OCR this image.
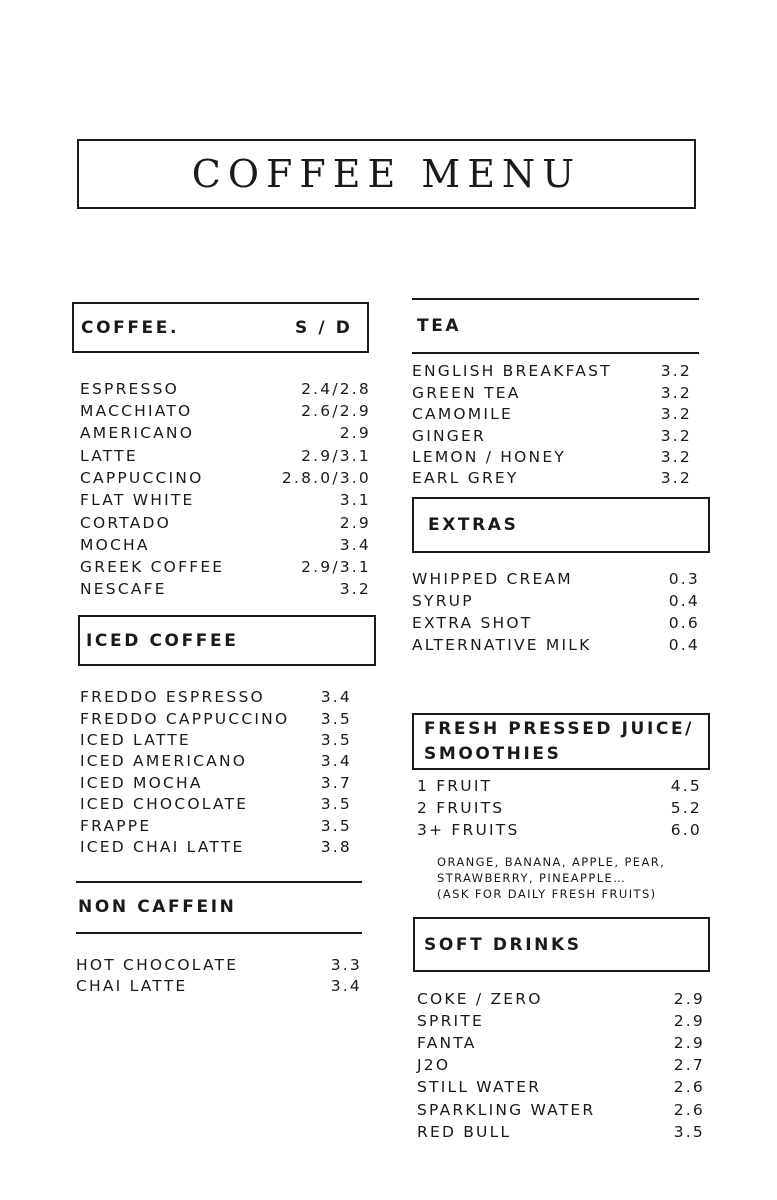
COFFEE MENU
COFFEE.	S / D
ESPRESSO	2.4/2.8
MACCHIATO	2.6/2.9
AMERICANO	2.9
LATTE	2.9/3.1
CAPPUCCINO	2.8.0/3.0
FLAT WHITE	3.1
CORTADO	2.9
MOCHA	3.4
GREEK COFFEE	2.9/3.1
NESCAFE	3.2
ICED COFFEE
FREDDO ESPRESSO	3.4
FREDDO CAPPUCCINO 3.5
ICED LATTE	3.5
ICED AMERICANO	3.4
ICED MOCHA	3.7
ICED CHOCOLATE	3.5
FRAPPE	3.5
ICED CHAI LATTE	3.8
NON CAFFEIN
HOT CHOCOLATE	3.3
CHAI LATTE	3.4
TEA
ENGLISH BREAKFAST	3.2
GREEN TEA	3.2
CAMOMILE	3.2
GINGER	3.2
LEMON / HONEY	3.2
EARL GREY	3.2
EXTRAS
WHIPPED CREAM	0.3
SYRUP	0.4
EXTRA SHOT	0.6
ALTERNATIVE MILK	0.4
FRESH PRESSED JUICE/
SMOOTHIES
1 FRUIT	4.5
2 FRUITS	5.2
3+ FRUITS	6.0
ORANGE, BANANA, APPLE, PEAR,
STRAWBERRY, PINEAPPLE…
(ASK FOR DAILY FRESH FRUITS)
SOFT DRINKS
COKE / ZERO	2.9
SPRITE	2.9
FANTA	2.9
J2O	2.7
STILL WATER	2.6
SPARKLING WATER	2.6
RED BULL	3.5
